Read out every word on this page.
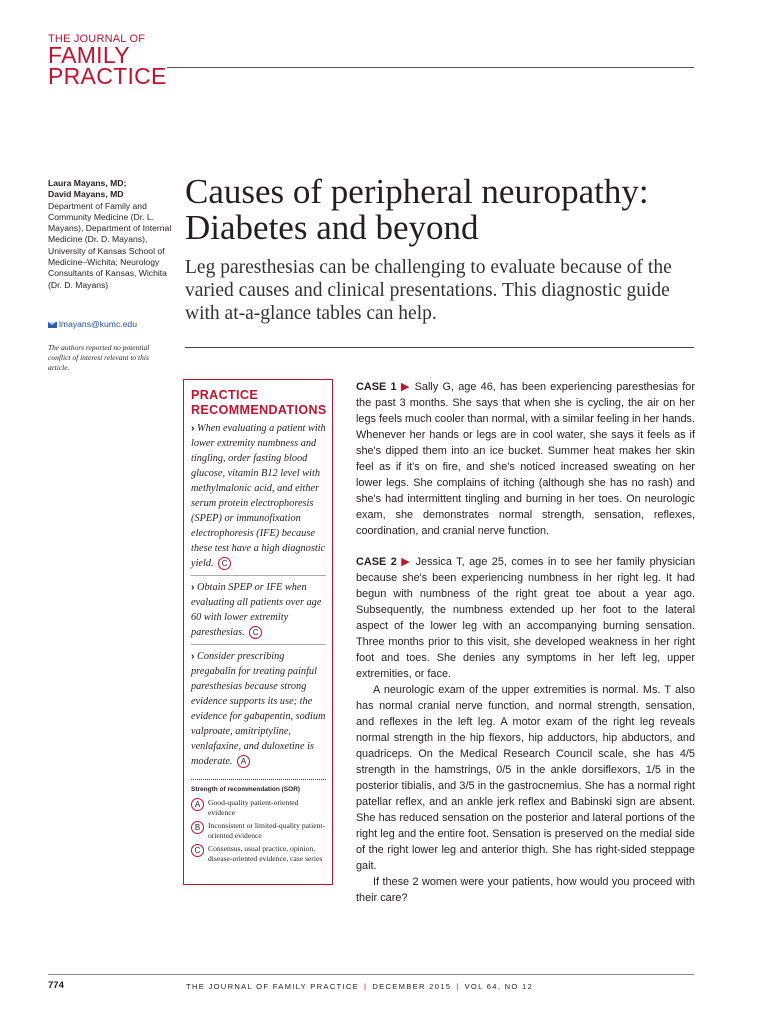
THE JOURNAL OF
FAMILY
PRACTICE
Laura Mayans, MD;
David Mayans, MD
Department of Family and Community Medicine (Dr. L. Mayans), Department of Internal Medicine (Dr. D. Mayans), University of Kansas School of Medicine–Wichita; Neurology Consultants of Kansas, Wichita (Dr. D. Mayans)
lmayans@kumc.edu
The authors reported no potential conflict of interest relevant to this article.
Causes of peripheral neuropathy: Diabetes and beyond

Leg paresthesias can be challenging to evaluate because of the varied causes and clinical presentations. This diagnostic guide with at-a-glance tables can help.

PRACTICE
RECOMMENDATIONS

› When evaluating a patient with lower extremity numbness and tingling, order fasting blood glucose, vitamin B12 level with methylmalonic acid, and either serum protein electrophoresis (SPEP) or immunofixation electrophoresis (IFE) because these test have a high diagnostic yield. C

› Obtain SPEP or IFE when evaluating all patients over age 60 with lower extremity paresthesias. C

› Consider prescribing pregabalin for treating painful paresthesias because strong evidence supports its use; the evidence for gabapentin, sodium valproate, amitriptyline, venlafaxine, and duloxetine is moderate. A

Strength of recommendation (SOR)
A	Good-quality patient-oriented evidence
B	Inconsistent or limited-quality patient-oriented evidence
C	Consensus, usual practice, opinion, disease-oriented evidence, case series

CASE 1 ▶ Sally G, age 46, has been experiencing paresthesias for the past 3 months. She says that when she is cycling, the air on her legs feels much cooler than normal, with a similar feeling in her hands. Whenever her hands or legs are in cool water, she says it feels as if she's dipped them into an ice bucket. Summer heat makes her skin feel as if it's on fire, and she's noticed increased sweating on her lower legs. She complains of itching (although she has no rash) and she's had intermittent tingling and burning in her toes. On neurologic exam, she demonstrates normal strength, sensation, reflexes, coordination, and cranial nerve function.

CASE 2 ▶ Jessica T, age 25, comes in to see her family physician because she's been experiencing numbness in her right leg. It had begun with numbness of the right great toe about a year ago. Subsequently, the numbness extended up her foot to the lateral aspect of the lower leg with an accompanying burning sensation. Three months prior to this visit, she developed weakness in her right foot and toes. She denies any symptoms in her left leg, upper extremities, or face.

A neurologic exam of the upper extremities is normal. Ms. T also has normal cranial nerve function, and normal strength, sensation, and reflexes in the left leg. A motor exam of the right leg reveals normal strength in the hip flexors, hip adductors, hip abductors, and quadriceps. On the Medical Research Council scale, she has 4/5 strength in the hamstrings, 0/5 in the ankle dorsiflexors, 1/5 in the posterior tibialis, and 3/5 in the gastrocnemius. She has a normal right patellar reflex, and an ankle jerk reflex and Babinski sign are absent. She has reduced sensation on the posterior and lateral portions of the right leg and the entire foot. Sensation is preserved on the medial side of the right lower leg and anterior thigh. She has right-sided steppage gait.

If these 2 women were your patients, how would you proceed with their care?

774	THE JOURNAL OF FAMILY PRACTICE | DECEMBER 2015 | VOL 64, NO 12
